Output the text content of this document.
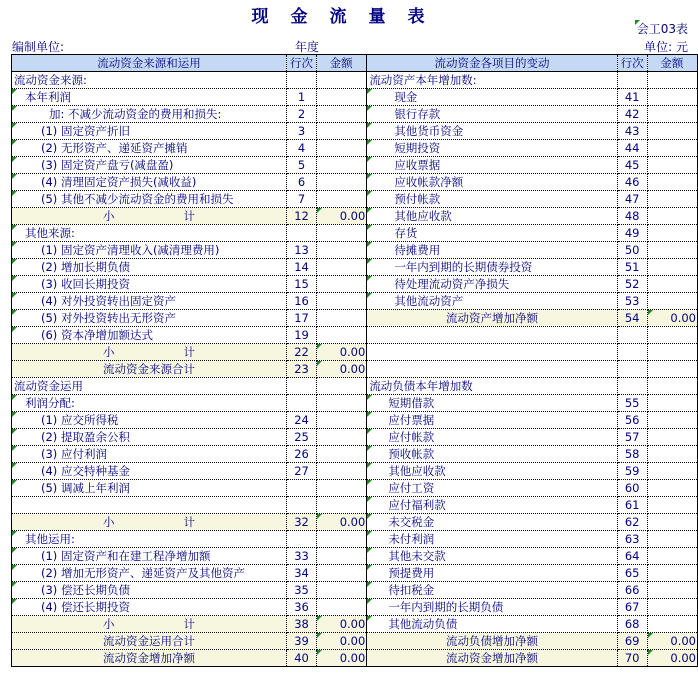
现金流量表
会工03表
编制单位:	年度	单位: 元
流动资金来源和运用	行次	金额	流动资金各项目的变动	行次	金额
流动资金来源:			流动资产本年增加数:		
本年利润	1		现金	41	
加: 不减少流动资金的费用和损失:	2		银行存款	42	
(1) 固定资产折旧	3		其他货币资金	43	
(2) 无形资产、递延资产摊销	4		短期投资	44	
(3) 固定资产盘亏(减盘盈)	5		应收票据	45	
(4) 清理固定资产损失(减收益)	6		应收帐款净额	46	
(5) 其他不减少流动资金的费用和损失	7		预付帐款	47	
小　　　　　　计	12	0.00	其他应收款	48	
其他来源:			存货	49	
(1) 固定资产清理收入(减清理费用)	13		待摊费用	50	
(2) 增加长期负债	14		一年内到期的长期债券投资	51	
(3) 收回长期投资	15		待处理流动资产净损失	52	
(4) 对外投资转出固定资产	16		其他流动资产	53	
(5) 对外投资转出无形资产	17		流动资产增加净额	54	0.00
(6) 资本净增加额达式	19				
小　　　　　　计	22	0.00			
流动资金来源合计	23	0.00			
流动资金运用			流动负债本年增加数		
利润分配:			短期借款	55	
(1) 应交所得税	24		应付票据	56	
(2) 提取盈余公积	25		应付帐款	57	
(3) 应付利润	26		预收帐款	58	
(4) 应交特种基金	27		其他应收款	59	
(5) 调减上年利润			应付工资	60	
			应付福利款	61	
小　　　　　　计	32	0.00	未交税金	62	
其他运用:			未付利润	63	
(1) 固定资产和在建工程净增加额	33		其他未交款	64	
(2) 增加无形资产、递延资产及其他资产	34		预提费用	65	
(3) 偿还长期负债	35		待扣税金	66	
(4) 偿还长期投资	36		一年内到期的长期负债	67	
小　　　　　　计	38	0.00	其他流动负债	68	
流动资金运用合计	39	0.00	流动负债增加净额	69	0.00
流动资金增加净额	40	0.00	流动资金增加净额	70	0.00
